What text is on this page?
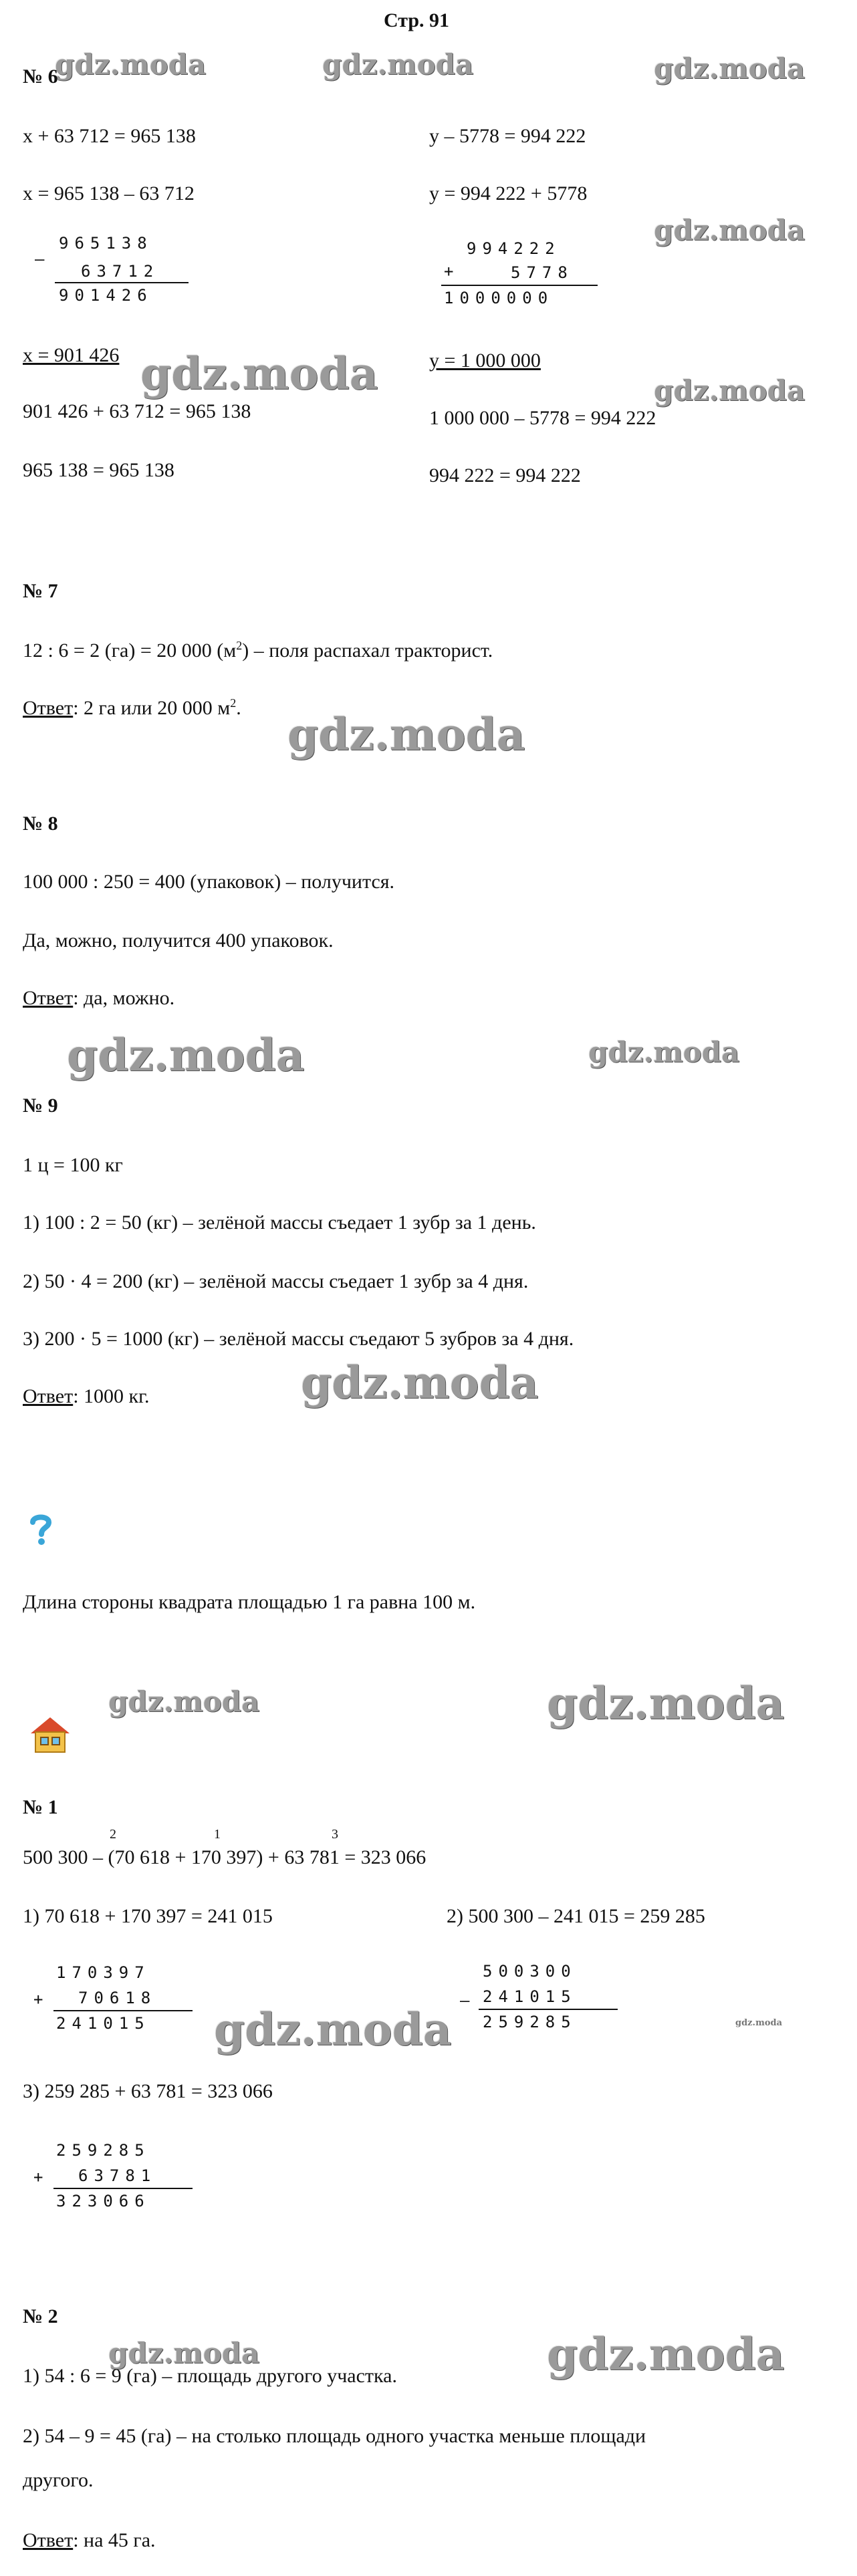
Стр. 91
gdz.moda	gdz.moda	gdz.moda
gdz.moda
gdz.moda	gdz.moda
gdz.moda
gdz.moda	gdz.moda
gdz.moda
gdz.moda	gdz.moda
gdz.moda	gdz.moda
gdz.moda	gdz.moda
№ 6
x + 63 712 = 965 138
x = 965 138 – 63 712
–
965138
63712
901426
x = 901 426
901 426 + 63 712 = 965 138
965 138 = 965 138
y – 5778 = 994 222
y = 994 222 + 5778
+
994222
5778
1000000
y = 1 000 000
1 000 000 – 5778 = 994 222
994 222 = 994 222
№ 7
12 : 6 = 2 (га) = 20 000 $(м^2)$ – поля распахал тракторист.
Ответ: 2 га или 20 000 $м^2$.
№ 8
100 000 : 250 = 400 (упаковок) – получится.
Да, можно, получится 400 упаковок.
Ответ: да, можно.
№ 9
1 ц = 100 кг
1) 100 : 2 = 50 (кг) – зелёной массы съедает 1 зубр за 1 день.
2) 50 · 4 = 200 (кг) – зелёной массы съедает 1 зубр за 4 дня.
3) 200 · 5 = 1000 (кг) – зелёной массы съедают 5 зубров за 4 дня.
Ответ: 1000 кг.
Длина стороны квадрата площадью 1 га равна 100 м.
№ 1
2	1	3
500 300 – (70 618 + 170 397) + 63 781 = 323 066
1) 70 618 + 170 397 = 241 015	2) 500 300 – 241 015 = 259 285
+
170397
70618
241015
–
500300
241015
259285
3) 259 285 + 63 781 = 323 066
+
259285
63781
323066
№ 2
1) 54 : 6 = 9 (га) – площадь другого участка.
2) 54 – 9 = 45 (га) – на столько площадь одного участка меньше площади
другого.
Ответ: на 45 га.
